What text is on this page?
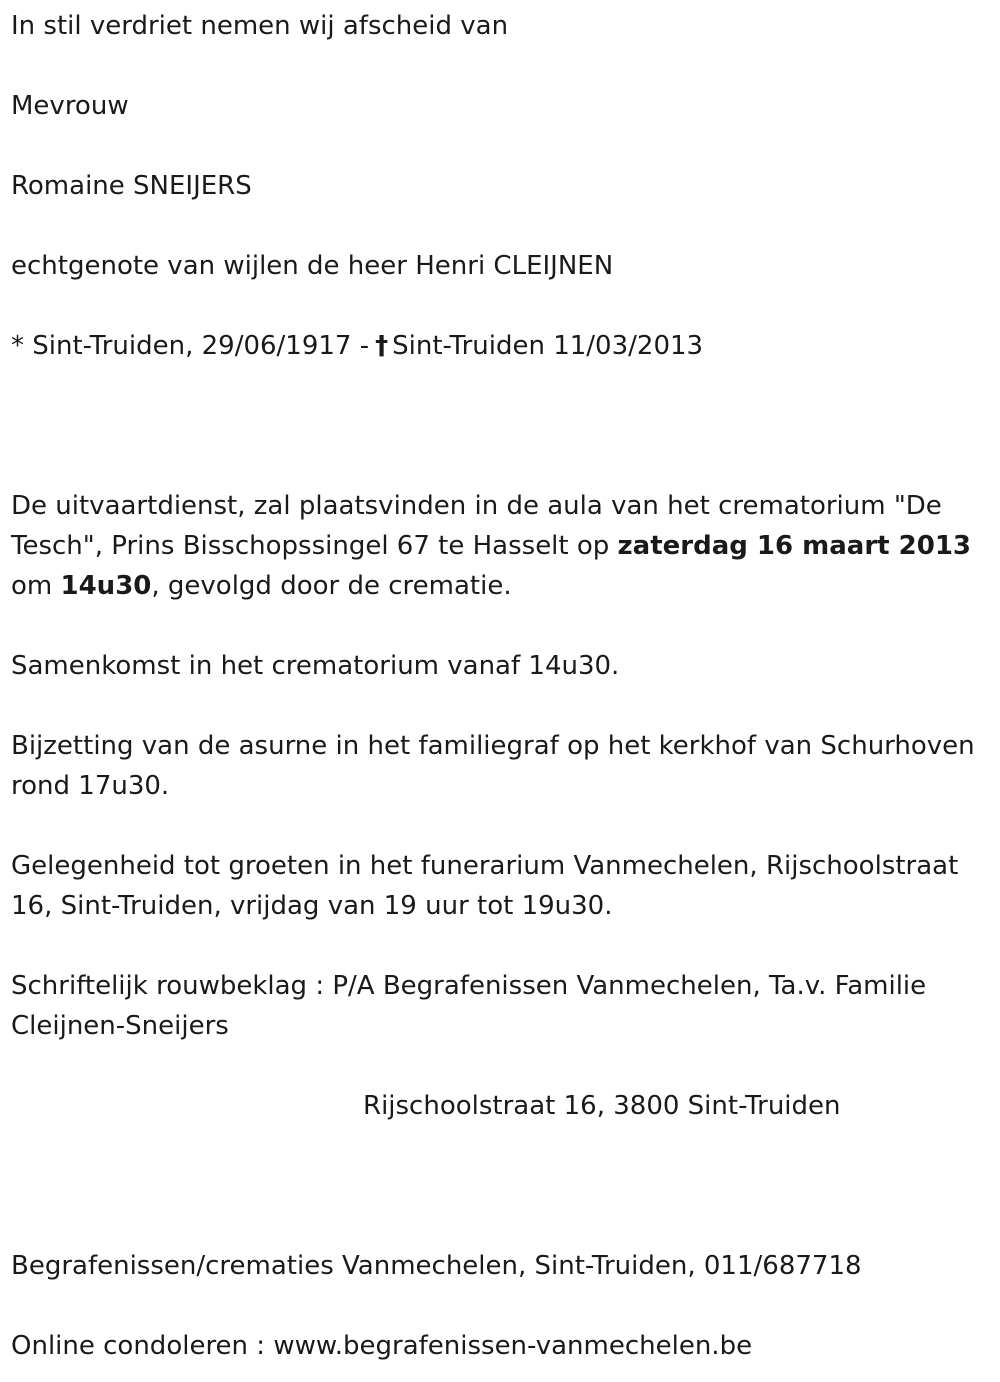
In stil verdriet nemen wij afscheid van
Mevrouw
Romaine SNEIJERS
echtgenote van wijlen de heer Henri CLEIJNEN
* Sint-Truiden, 29/06/1917 - † Sint-Truiden 11/03/2013
De uitvaartdienst, zal plaatsvinden in de aula van het crematorium "De Tesch", Prins Bisschopssingel 67 te Hasselt op zaterdag 16 maart 2013 om 14u30, gevolgd door de crematie.
Samenkomst in het crematorium vanaf 14u30.
Bijzetting van de asurne in het familiegraf op het kerkhof van Schurhoven rond 17u30.
Gelegenheid tot groeten in het funerarium Vanmechelen, Rijschoolstraat 16, Sint-Truiden, vrijdag van 19 uur tot 19u30.
Schriftelijk rouwbeklag : P/A Begrafenissen Vanmechelen, Ta.v. Familie Cleijnen-Sneijers
Rijschoolstraat 16, 3800 Sint-Truiden
Begrafenissen/crematies Vanmechelen, Sint-Truiden, 011/687718
Online condoleren : www.begrafenissen-vanmechelen.be
